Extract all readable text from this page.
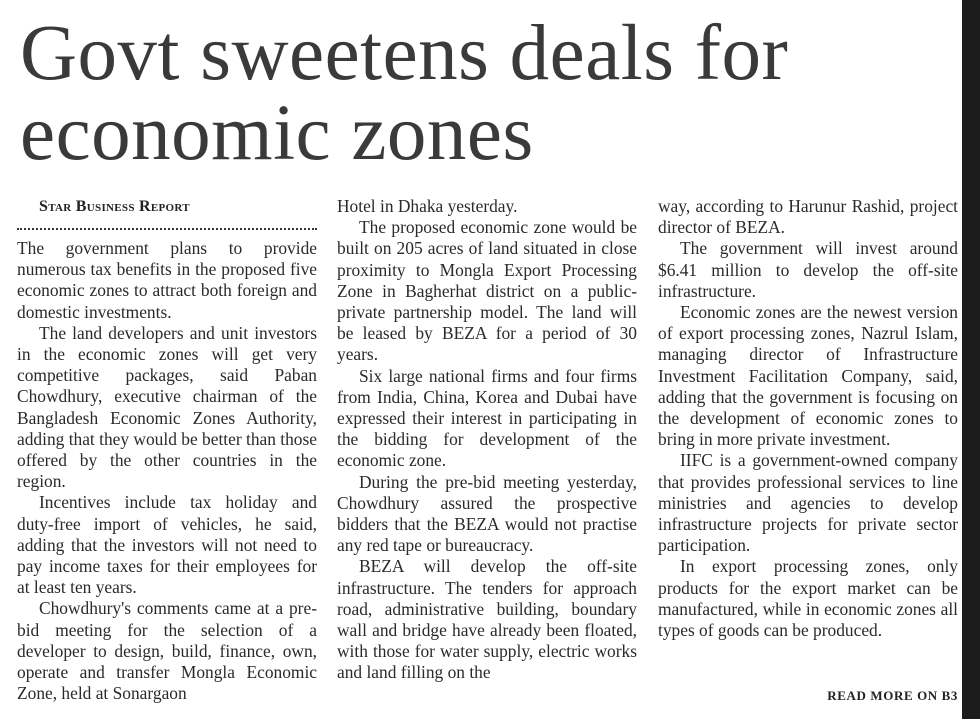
Govt sweetens deals for economic zones

Star Business Report

The government plans to provide numerous tax benefits in the proposed five economic zones to attract both foreign and domestic investments.

The land developers and unit investors in the economic zones will get very competitive packages, said Paban Chowdhury, executive chairman of the Bangladesh Economic Zones Authority, adding that they would be better than those offered by the other countries in the region.

Incentives include tax holiday and duty-free import of vehicles, he said, adding that the investors will not need to pay income taxes for their employees for at least ten years.

Chowdhury's comments came at a pre-bid meeting for the selection of a developer to design, build, finance, own, operate and transfer Mongla Economic Zone, held at Sonargaon

Hotel in Dhaka yesterday.

The proposed economic zone would be built on 205 acres of land situated in close proximity to Mongla Export Processing Zone in Bagherhat district on a public-private partnership model. The land will be leased by BEZA for a period of 30 years.

Six large national firms and four firms from India, China, Korea and Dubai have expressed their interest in participating in the bidding for development of the economic zone.

During the pre-bid meeting yesterday, Chowdhury assured the prospective bidders that the BEZA would not practise any red tape or bureaucracy.

BEZA will develop the off-site infrastructure. The tenders for approach road, administrative building, boundary wall and bridge have already been floated, with those for water supply, electric works and land filling on the

way, according to Harunur Rashid, project director of BEZA.

The government will invest around $6.41 million to develop the off-site infrastructure.

Economic zones are the newest version of export processing zones, Nazrul Islam, managing director of Infrastructure Investment Facilitation Company, said, adding that the government is focusing on the development of economic zones to bring in more private investment.

IIFC is a government-owned company that provides professional services to line ministries and agencies to develop infrastructure projects for private sector participation.

In export processing zones, only products for the export market can be manufactured, while in economic zones all types of goods can be produced.

READ MORE ON B3
